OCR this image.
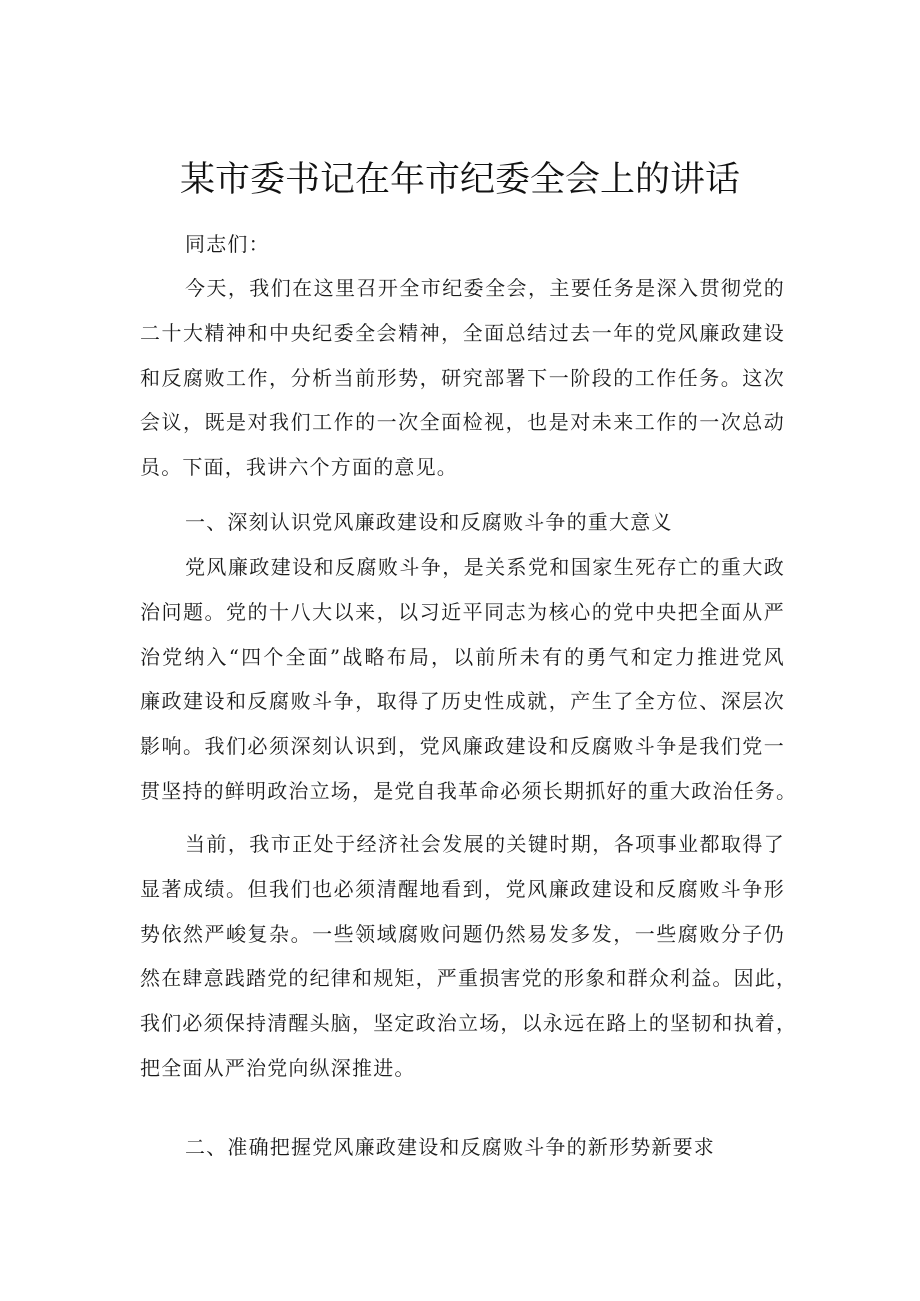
某市委书记在年市纪委全会上的讲话

同志们：

今天，我们在这里召开全市纪委全会，主要任务是深入贯彻党的
二十大精神和中央纪委全会精神，全面总结过去一年的党风廉政建设
和反腐败工作，分析当前形势，研究部署下一阶段的工作任务。这次
会议，既是对我们工作的一次全面检视，也是对未来工作的一次总动
员。下面，我讲六个方面的意见。
一、深刻认识党风廉政建设和反腐败斗争的重大意义
党风廉政建设和反腐败斗争，是关系党和国家生死存亡的重大政
治问题。党的十八大以来，以习近平同志为核心的党中央把全面从严
治党纳入“四个全面”战略布局，以前所未有的勇气和定力推进党风
廉政建设和反腐败斗争，取得了历史性成就，产生了全方位、深层次
影响。我们必须深刻认识到，党风廉政建设和反腐败斗争是我们党一
贯坚持的鲜明政治立场，是党自我革命必须长期抓好的重大政治任务。
当前，我市正处于经济社会发展的关键时期，各项事业都取得了
显著成绩。但我们也必须清醒地看到，党风廉政建设和反腐败斗争形
势依然严峻复杂。一些领域腐败问题仍然易发多发，一些腐败分子仍
然在肆意践踏党的纪律和规矩，严重损害党的形象和群众利益。因此，
我们必须保持清醒头脑，坚定政治立场，以永远在路上的坚韧和执着，
把全面从严治党向纵深推进。
二、准确把握党风廉政建设和反腐败斗争的新形势新要求
